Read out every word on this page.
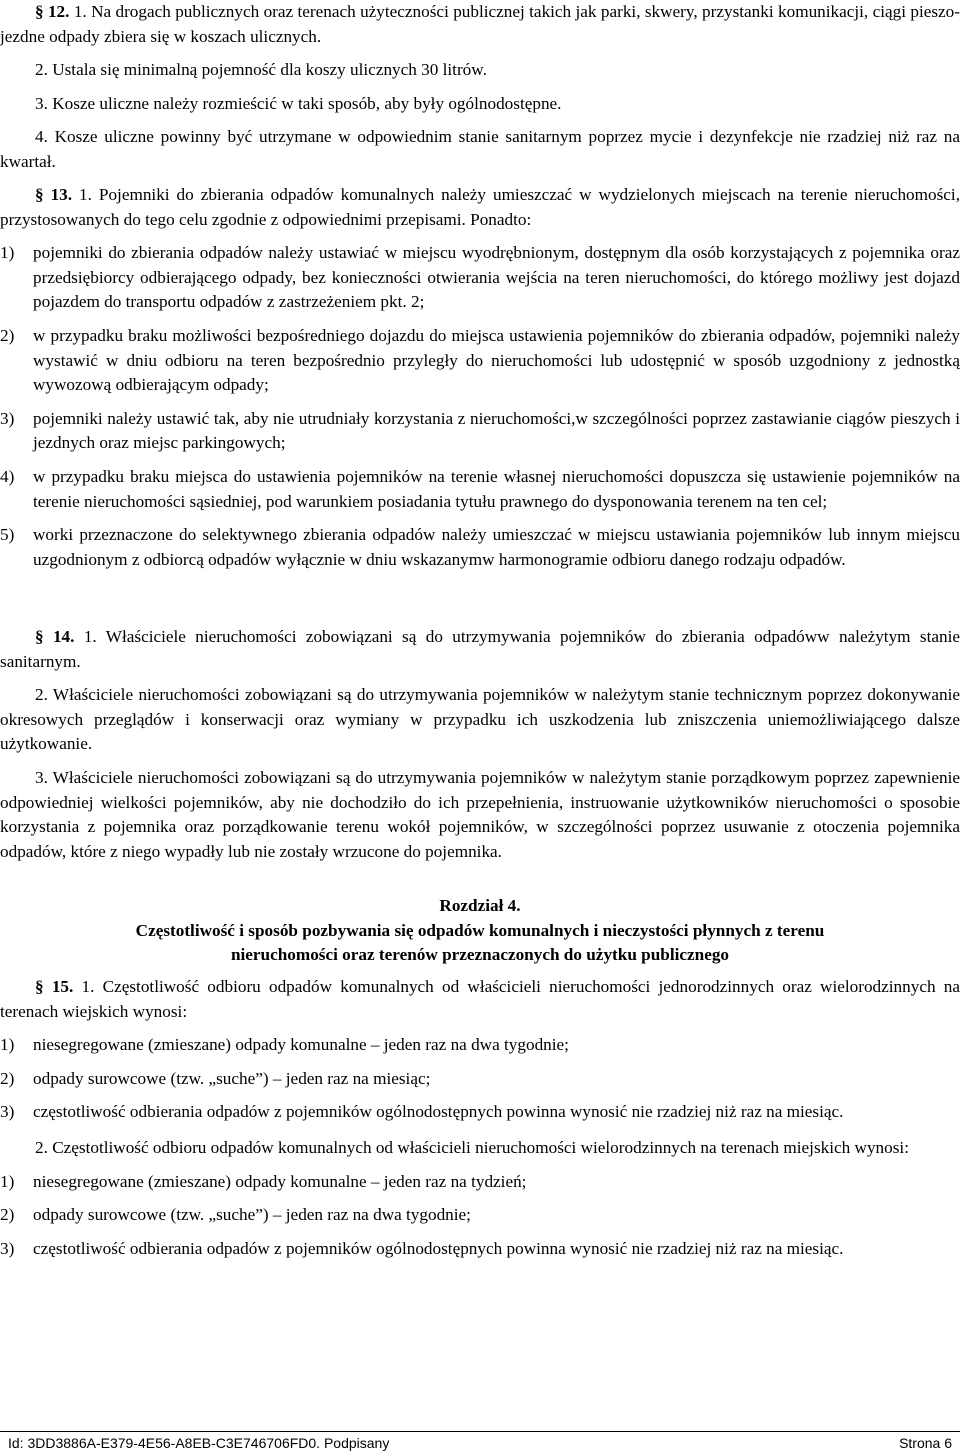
§ 12. 1. Na drogach publicznych oraz terenach użyteczności publicznej takich jak parki, skwery, przystanki komunikacji, ciągi pieszo-jezdne odpady zbiera się w koszach ulicznych.

2. Ustala się minimalną pojemność dla koszy ulicznych 30 litrów.

3. Kosze uliczne należy rozmieścić w taki sposób, aby były ogólnodostępne.

4. Kosze uliczne powinny być utrzymane w odpowiednim stanie sanitarnym poprzez mycie i dezynfekcje nie rzadziej niż raz na kwartał.

§ 13. 1. Pojemniki do zbierania odpadów komunalnych należy umieszczać w wydzielonych miejscach na terenie nieruchomości, przystosowanych do tego celu zgodnie z odpowiednimi przepisami. Ponadto:

1)	pojemniki do zbierania odpadów należy ustawiać w miejscu wyodrębnionym, dostępnym dla osób korzystających z pojemnika oraz przedsiębiorcy odbierającego odpady, bez konieczności otwierania wejścia na teren nieruchomości, do którego możliwy jest dojazd pojazdem do transportu odpadów z zastrzeżeniem pkt. 2;
2)	w przypadku braku możliwości bezpośredniego dojazdu do miejsca ustawienia pojemników do zbierania odpadów, pojemniki należy wystawić w dniu odbioru na teren bezpośrednio przyległy do nieruchomości lub udostępnić w sposób uzgodniony z jednostką wywozową odbierającym odpady;
3)	pojemniki należy ustawić tak, aby nie utrudniały korzystania z nieruchomości,w szczególności poprzez zastawianie ciągów pieszych i jezdnych oraz miejsc parkingowych;
4)	w przypadku braku miejsca do ustawienia pojemników na terenie własnej nieruchomości dopuszcza się ustawienie pojemników na terenie nieruchomości sąsiedniej, pod warunkiem posiadania tytułu prawnego do dysponowania terenem na ten cel;
5)	worki przeznaczone do selektywnego zbierania odpadów należy umieszczać w miejscu ustawiania pojemników lub innym miejscu uzgodnionym z odbiorcą odpadów wyłącznie w dniu wskazanymw harmonogramie odbioru danego rodzaju odpadów.

§ 14. 1. Właściciele nieruchomości zobowiązani są do utrzymywania pojemników do zbierania odpadóww należytym stanie sanitarnym.

2. Właściciele nieruchomości zobowiązani są do utrzymywania pojemników w należytym stanie technicznym poprzez dokonywanie okresowych przeglądów i konserwacji oraz wymiany w przypadku ich uszkodzenia lub zniszczenia uniemożliwiającego dalsze użytkowanie.

3. Właściciele nieruchomości zobowiązani są do utrzymywania pojemników w należytym stanie porządkowym poprzez zapewnienie odpowiedniej wielkości pojemników, aby nie dochodziło do ich przepełnienia, instruowanie użytkowników nieruchomości o sposobie korzystania z pojemnika oraz porządkowanie terenu wokół pojemników, w szczególności poprzez usuwanie z otoczenia pojemnika odpadów, które z niego wypadły lub nie zostały wrzucone do pojemnika.

Rozdział 4.

Częstotliwość i sposób pozbywania się odpadów komunalnych i nieczystości płynnych z terenu

nieruchomości oraz terenów przeznaczonych do użytku publicznego

§ 15. 1. Częstotliwość odbioru odpadów komunalnych od właścicieli nieruchomości jednorodzinnych oraz wielorodzinnych na terenach wiejskich wynosi:

1)	niesegregowane (zmieszane) odpady komunalne – jeden raz na dwa tygodnie;
2)	odpady surowcowe (tzw. „suche”) – jeden raz na miesiąc;
3)	częstotliwość odbierania odpadów z pojemników ogólnodostępnych powinna wynosić nie rzadziej niż raz na miesiąc.

2. Częstotliwość odbioru odpadów komunalnych od właścicieli nieruchomości wielorodzinnych na terenach miejskich wynosi:

1)	niesegregowane (zmieszane) odpady komunalne – jeden raz na tydzień;
2)	odpady surowcowe (tzw. „suche”) – jeden raz na dwa tygodnie;
3)	częstotliwość odbierania odpadów z pojemników ogólnodostępnych powinna wynosić nie rzadziej niż raz na miesiąc.
Id: 3DD3886A-E379-4E56-A8EB-C3E746706FD0. Podpisany	Strona 6
